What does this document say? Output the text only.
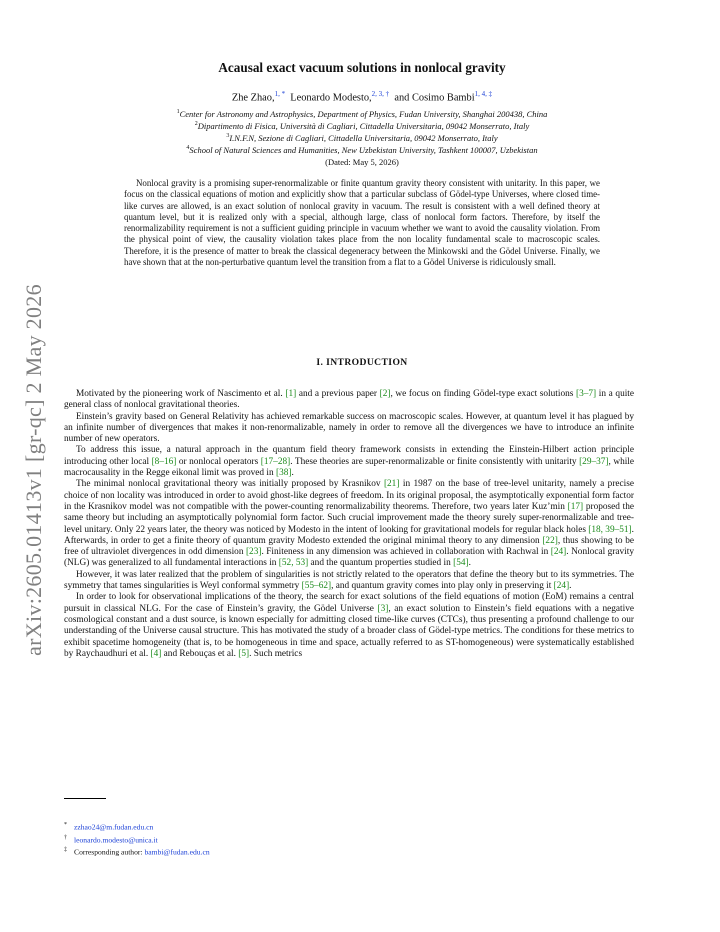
arXiv:2605.01413v1 [gr-qc] 2 May 2026
Acausal exact vacuum solutions in nonlocal gravity
Zhe Zhao,$^{1, *}$ Leonardo Modesto,$^{2, 3, \dagger}$ and Cosimo Bambi$^{1, 4, \ddagger}$
$^1$Center for Astronomy and Astrophysics, Department of Physics, Fudan University, Shanghai 200438, China
$^2$Dipartimento di Fisica, Università di Cagliari, Cittadella Universitaria, 09042 Monserrato, Italy
$^3$I.N.F.N, Sezione di Cagliari, Cittadella Universitaria, 09042 Monserrato, Italy
$^4$School of Natural Sciences and Humanities, New Uzbekistan University, Tashkent 100007, Uzbekistan
(Dated: May 5, 2026)
Nonlocal gravity is a promising super-renormalizable or finite quantum gravity theory consistent with unitarity. In this paper, we focus on the classical equations of motion and explicitly show that a particular subclass of Gödel-type Universes, where closed time-like curves are allowed, is an exact solution of nonlocal gravity in vacuum. The result is consistent with a well defined theory at quantum level, but it is realized only with a special, although large, class of nonlocal form factors. Therefore, by itself the renormalizability requirement is not a sufficient guiding principle in vacuum whether we want to avoid the causality violation. From the physical point of view, the causality violation takes place from the non locality fundamental scale to macroscopic scales. Therefore, it is the presence of matter to break the classical degeneracy between the Minkowski and the Gödel Universe. Finally, we have shown that at the non-perturbative quantum level the transition from a flat to a Gödel Universe is ridiculously small.
I. INTRODUCTION

Motivated by the pioneering work of Nascimento et al. [1] and a previous paper [2], we focus on finding Gödel-type exact solutions [3–7] in a quite general class of nonlocal gravitational theories.

Einstein’s gravity based on General Relativity has achieved remarkable success on macroscopic scales. However, at quantum level it has plagued by an infinite number of divergences that makes it non-renormalizable, namely in order to remove all the divergences we have to introduce an infinite number of new operators.

To address this issue, a natural approach in the quantum field theory framework consists in extending the Einstein-Hilbert action principle introducing other local [8–16] or nonlocal operators [17–28]. These theories are super-renormalizable or finite consistently with unitarity [29–37], while macrocausality in the Regge eikonal limit was proved in [38].

The minimal nonlocal gravitational theory was initially proposed by Krasnikov [21] in 1987 on the base of tree-level unitarity, namely a precise choice of non locality was introduced in order to avoid ghost-like degrees of freedom. In its original proposal, the asymptotically exponential form factor in the Krasnikov model was not compatible with the power-counting renormalizability theorems. Therefore, two years later Kuz’min [17] proposed the same theory but including an asymptotically polynomial form factor. Such crucial improvement made the theory surely super-renormalizable and tree-level unitary. Only 22 years later, the theory was noticed by Modesto in the intent of looking for gravitational models for regular black holes [18, 39–51]. Afterwards, in order to get a finite theory of quantum gravity Modesto extended the original minimal theory to any dimension [22], thus showing to be free of ultraviolet divergences in odd dimension [23]. Finiteness in any dimension was achieved in collaboration with Rachwal in [24]. Nonlocal gravity (NLG) was generalized to all fundamental interactions in [52, 53] and the quantum properties studied in [54].

However, it was later realized that the problem of singularities is not strictly related to the operators that define the theory but to its symmetries. The symmetry that tames singularities is Weyl conformal symmetry [55–62], and quantum gravity comes into play only in preserving it [24].

In order to look for observational implications of the theory, the search for exact solutions of the field equations of motion (EoM) remains a central pursuit in classical NLG. For the case of Einstein’s gravity, the Gödel Universe [3], an exact solution to Einstein’s field equations with a negative cosmological constant and a dust source, is known especially for admitting closed time-like curves (CTCs), thus presenting a profound challenge to our understanding of the Universe causal structure. This has motivated the study of a broader class of Gödel-type metrics. The conditions for these metrics to exhibit spacetime homogeneity (that is, to be homogeneous in time and space, actually referred to as ST-homogeneous) were systematically established by Raychaudhuri et al. [4] and Rebouças et al. [5]. Such metrics

* zzhao24@m.fudan.edu.cn
† leonardo.modesto@unica.it
‡ Corresponding author: bambi@fudan.edu.cn
